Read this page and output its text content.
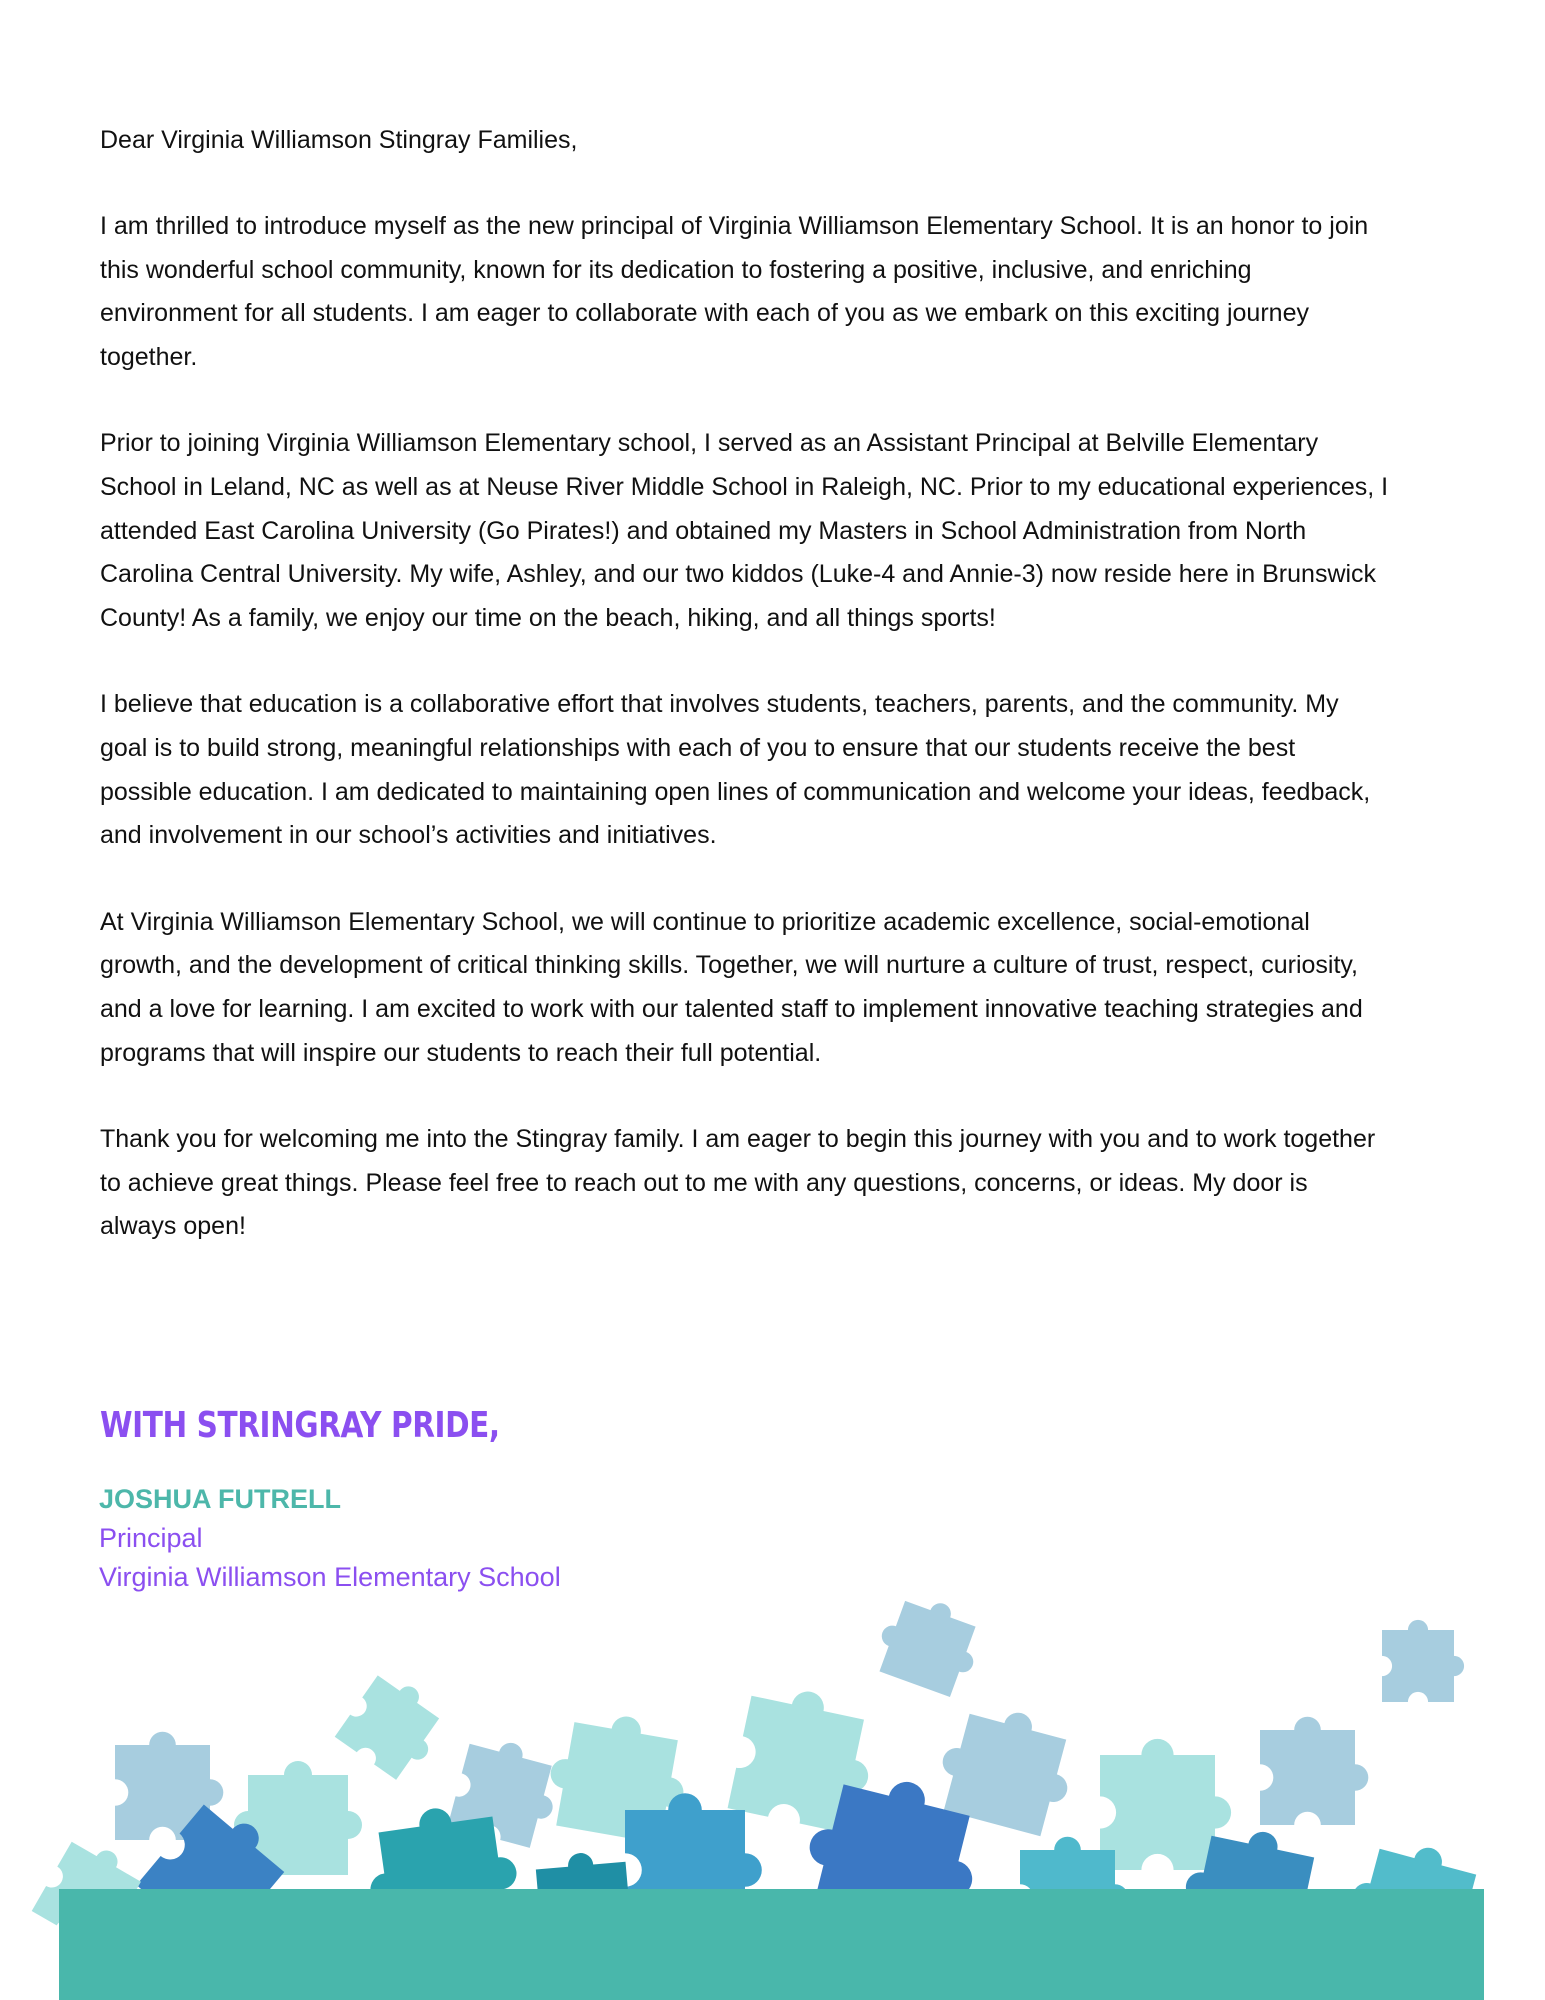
Dear Virginia Williamson Stingray Families,

I am thrilled to introduce myself as the new principal of Virginia Williamson Elementary School. It is an honor to join this wonderful school community, known for its dedication to fostering a positive, inclusive, and enriching environment for all students. I am eager to collaborate with each of you as we embark on this exciting journey together.

Prior to joining Virginia Williamson Elementary school, I served as an Assistant Principal at Belville Elementary School in Leland, NC as well as at Neuse River Middle School in Raleigh, NC. Prior to my educational experiences, I attended East Carolina University (Go Pirates!) and obtained my Masters in School Administration from North Carolina Central University. My wife, Ashley, and our two kiddos (Luke-4 and Annie-3) now reside here in Brunswick County! As a family, we enjoy our time on the beach, hiking, and all things sports!

I believe that education is a collaborative effort that involves students, teachers, parents, and the community. My goal is to build strong, meaningful relationships with each of you to ensure that our students receive the best possible education. I am dedicated to maintaining open lines of communication and welcome your ideas, feedback, and involvement in our school’s activities and initiatives.

At Virginia Williamson Elementary School, we will continue to prioritize academic excellence, social-emotional growth, and the development of critical thinking skills. Together, we will nurture a culture of trust, respect, curiosity, and a love for learning. I am excited to work with our talented staff to implement innovative teaching strategies and programs that will inspire our students to reach their full potential.

Thank you for welcoming me into the Stingray family. I am eager to begin this journey with you and to work together to achieve great things. Please feel free to reach out to me with any questions, concerns, or ideas. My door is always open!

WITH STRINGRAY PRIDE,

JOSHUA FUTRELL

Principal

Virginia Williamson Elementary School
